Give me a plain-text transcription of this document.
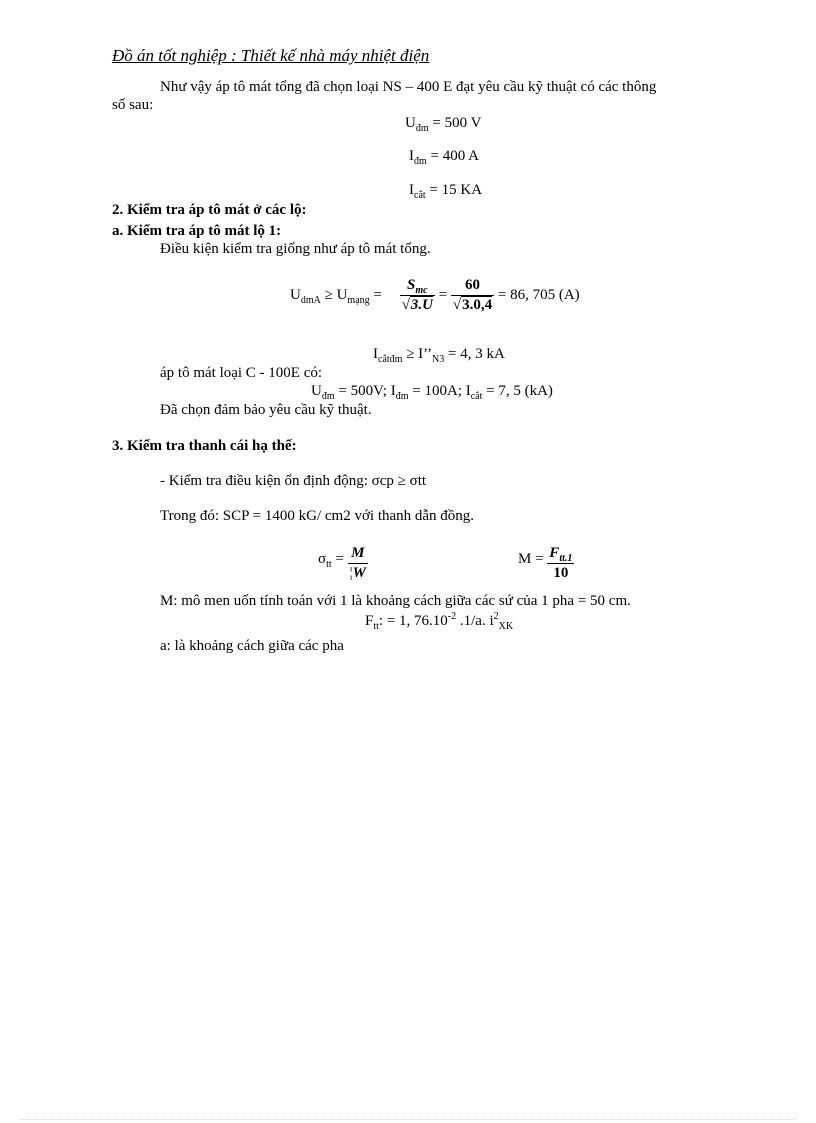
Đồ án tốt nghiệp : Thiết kế nhà máy nhiệt điện
Như vậy áp tô mát tổng đã chọn loại NS – 400 E đạt yêu cầu kỹ thuật có các thông
số sau:
$U_{đm} = 500$ V
$I_{đm} = 400$ A
$I_{cắt} = 15$ KA
2. Kiểm tra áp tô mát ở các lộ:
a. Kiểm tra áp tô mát lộ 1:
Điều kiện kiểm tra giống như áp tô mát tổng.
$U_{dmA} \ge U_{mạng} = \frac{S_{mc}}{√3.U} = \frac{60}{√3.0,4} = 86$, 705 (A)
$I_{cắtđm}$ ≥ $I’’_{N3} = 4$, 3 kA
áp tô mát loại C - 100E có:
$U_{đm} = 500V$; $I_{đm} = 100A$; $I_{cắt} = 7$, 5 (kA)
Đã chọn đảm bảo yêu cầu kỹ thuật.
3. Kiểm tra thanh cái hạ thế:
- Kiểm tra điều kiện ổn định động: σcp ≥ σtt
Trong đó: SCP = 1400 kG/ cm2 với thanh dẫn đồng.
$\sigma tt = \frac{M}{¦W}$	$M = \frac{F_{tt.1}}{10}$
M: mô men uốn tính toán với 1 là khoảng cách giữa các sứ của 1 pha = 50 cm.
$F_{tt}$: = 1, $76.10^{-2}$ .1/a. $i^2_{XK}$
a: là khoảng cách giữa các pha
